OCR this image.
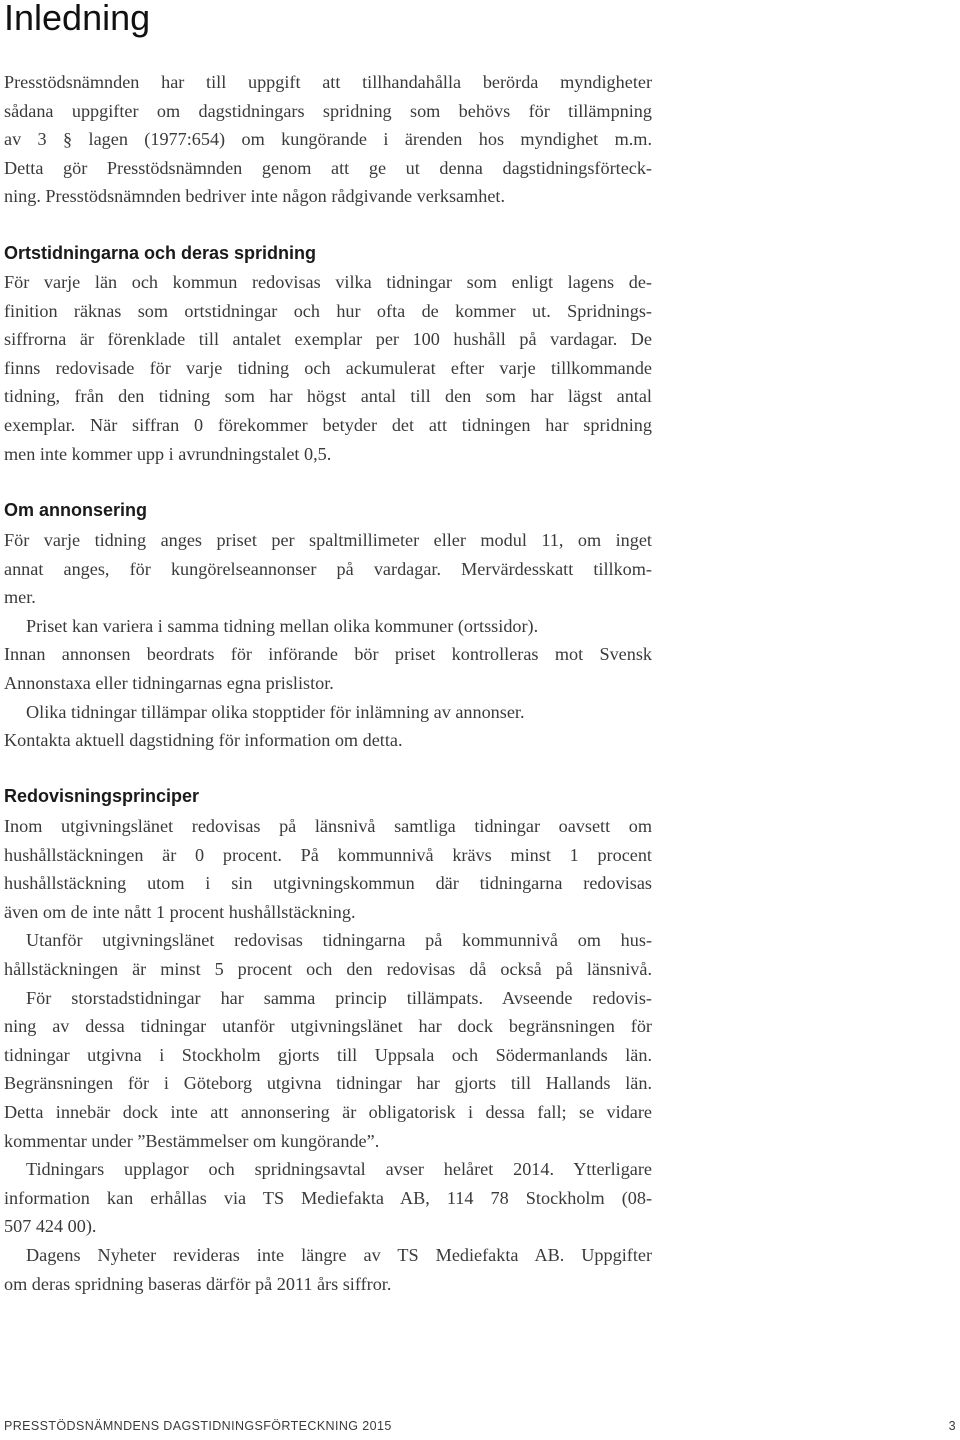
Inledning
Presstödsnämnden har till uppgift att tillhandahålla berörda myndigheter
sådana uppgifter om dagstidningars spridning som behövs för tillämpning
av 3 § lagen (1977:654) om kungörande i ärenden hos myndighet m.m.
Detta gör Presstödsnämnden genom att ge ut denna dagstidningsförteck-
ning. Presstödsnämnden bedriver inte någon rådgivande verksamhet.
Ortstidningarna och deras spridning
För varje län och kommun redovisas vilka tidningar som enligt lagens de-
finition räknas som ortstidningar och hur ofta de kommer ut. Spridnings-
siffrorna är förenklade till antalet exemplar per 100 hushåll på vardagar. De
finns redovisade för varje tidning och ackumulerat efter varje tillkommande
tidning, från den tidning som har högst antal till den som har lägst antal
exemplar. När siffran 0 förekommer betyder det att tidningen har spridning
men inte kommer upp i avrundningstalet 0,5.
Om annonsering
För varje tidning anges priset per spaltmillimeter eller modul 11, om inget
annat anges, för kungörelseannonser på vardagar. Mervärdesskatt tillkom-
mer.
Priset kan variera i samma tidning mellan olika kommuner (ortssidor).
Innan annonsen beordrats för införande bör priset kontrolleras mot Svensk
Annonstaxa eller tidningarnas egna prislistor.
Olika tidningar tillämpar olika stopptider för inlämning av annonser.
Kontakta aktuell dagstidning för information om detta.
Redovisningsprinciper
Inom utgivningslänet redovisas på länsnivå samtliga tidningar oavsett om
hushållstäckningen är 0 procent. På kommunnivå krävs minst 1 procent
hushållstäckning utom i sin utgivningskommun där tidningarna redovisas
även om de inte nått 1 procent hushållstäckning.
Utanför utgivningslänet redovisas tidningarna på kommunnivå om hus-
hållstäckningen är minst 5 procent och den redovisas då också på länsnivå.
För storstadstidningar har samma princip tillämpats. Avseende redovis-
ning av dessa tidningar utanför utgivningslänet har dock begränsningen för
tidningar utgivna i Stockholm gjorts till Uppsala och Södermanlands län.
Begränsningen för i Göteborg utgivna tidningar har gjorts till Hallands län.
Detta innebär dock inte att annonsering är obligatorisk i dessa fall; se vidare
kommentar under ”Bestämmelser om kungörande”.
Tidningars upplagor och spridningsavtal avser helåret 2014. Ytterligare
information kan erhållas via TS Mediefakta AB, 114 78 Stockholm (08-
507 424 00).
Dagens Nyheter revideras inte längre av TS Mediefakta AB. Uppgifter
om deras spridning baseras därför på 2011 års siffror.
PRESSTÖDSNÄMNDENS DAGSTIDNINGSFÖRTECKNING 2015	3
